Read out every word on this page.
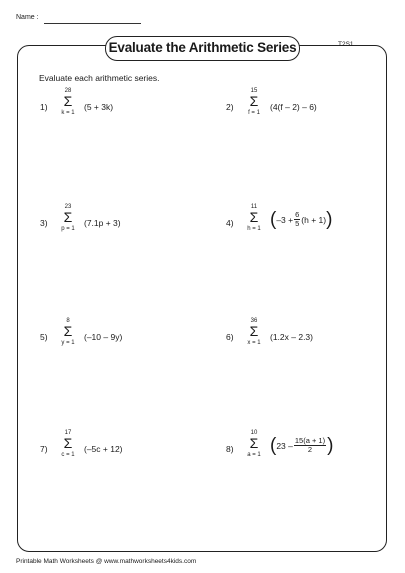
Name :
Evaluate the Arithmetic Series	T2S1
Evaluate each arithmetic series.
1)
28
Σ
k = 1
(5 + 3k)	2)
15
Σ
f = 1
(4(f – 2) – 6)
3)
23
Σ
p = 1
(7.1p + 3)	4)
11
Σ
h = 1 ( $-3 + \frac{6}{5} (h + 1)$ )
5)
8
Σ
y = 1
(–10 – 9y)	6)
36
Σ
x = 1
(1.2x – 2.3)
7)
17
Σ
c = 1
(–5c + 12)	8)
10
Σ
a = 1 ( $23 - \frac{15(a + 1)}{2}$ )
Printable Math Worksheets @ www.mathworksheets4kids.com
